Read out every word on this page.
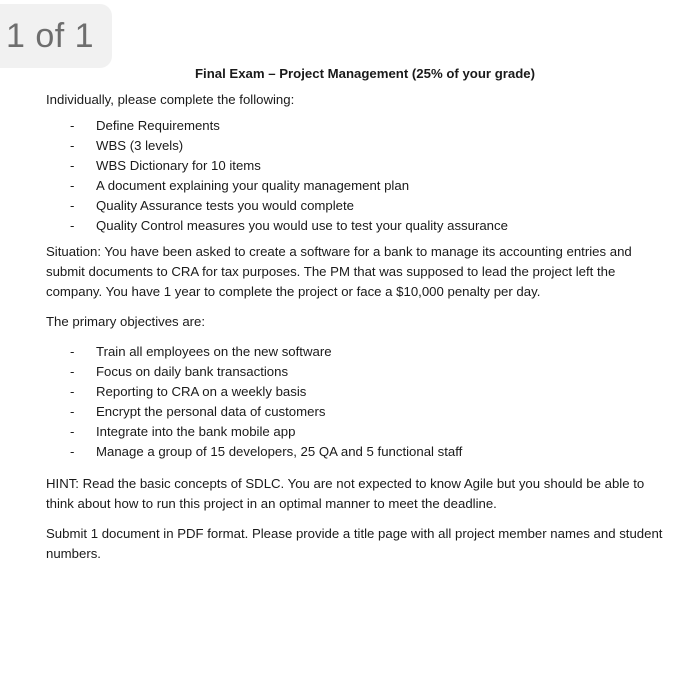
1 of 1

Final Exam – Project Management (25% of your grade)

Individually, please complete the following:

- Define Requirements
- WBS (3 levels)
- WBS Dictionary for 10 items
- A document explaining your quality management plan
- Quality Assurance tests you would complete
- Quality Control measures you would use to test your quality assurance

Situation: You have been asked to create a software for a bank to manage its accounting entries and submit documents to CRA for tax purposes. The PM that was supposed to lead the project left the company. You have 1 year to complete the project or face a $10,000 penalty per day.

The primary objectives are:

- Train all employees on the new software
- Focus on daily bank transactions
- Reporting to CRA on a weekly basis
- Encrypt the personal data of customers
- Integrate into the bank mobile app
- Manage a group of 15 developers, 25 QA and 5 functional staff

HINT: Read the basic concepts of SDLC. You are not expected to know Agile but you should be able to think about how to run this project in an optimal manner to meet the deadline.

Submit 1 document in PDF format. Please provide a title page with all project member names and student numbers.
